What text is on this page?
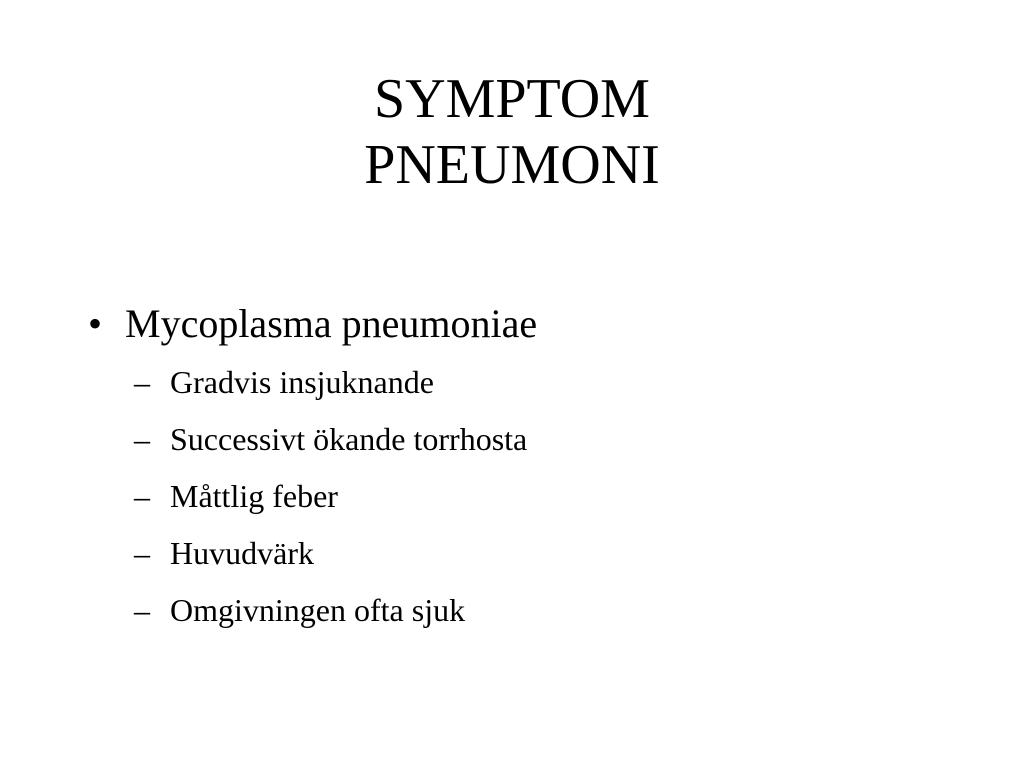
SYMPTOM
PNEUMONI
• Mycoplasma pneumoniae
– Gradvis insjuknande
– Successivt ökande torrhosta
– Måttlig feber
– Huvudvärk
– Omgivningen ofta sjuk
